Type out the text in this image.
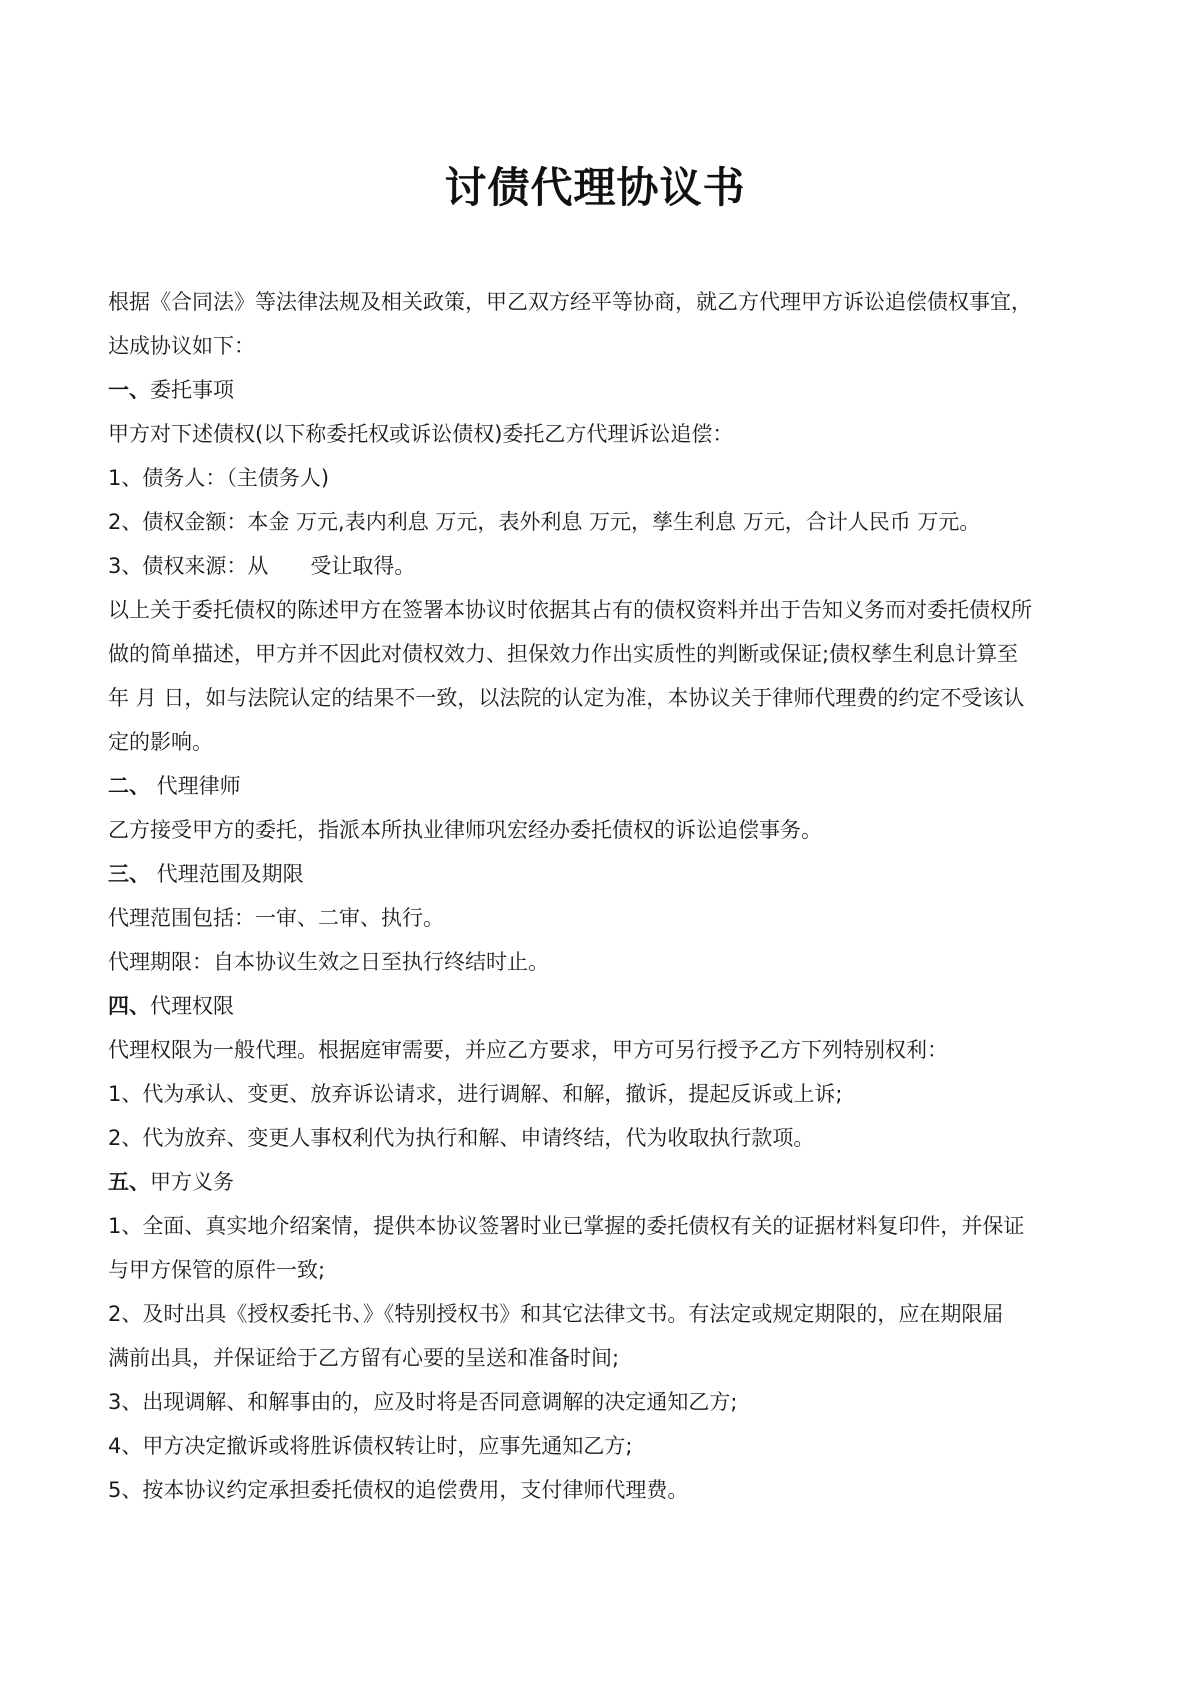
讨债代理协议书

根据《合同法》等法律法规及相关政策，甲乙双方经平等协商，就乙方代理甲方诉讼追偿债权事宜，

达成协议如下：

一、委托事项

甲方对下述债权(以下称委托权或诉讼债权)委托乙方代理诉讼追偿：

1、债务人：（主债务人)

2、债权金额：本金 万元,表内利息 万元，表外利息 万元，孳生利息 万元，合计人民币 万元。

3、债权来源：从　　受让取得。

以上关于委托债权的陈述甲方在签署本协议时依据其占有的债权资料并出于告知义务而对委托债权所

做的简单描述，甲方并不因此对债权效力、担保效力作出实质性的判断或保证;债权孳生利息计算至

年 月 日，如与法院认定的结果不一致，以法院的认定为准，本协议关于律师代理费的约定不受该认

定的影响。

二、 代理律师

乙方接受甲方的委托，指派本所执业律师巩宏经办委托债权的诉讼追偿事务。

三、 代理范围及期限

代理范围包括：一审、二审、执行。

代理期限：自本协议生效之日至执行终结时止。

四、代理权限

代理权限为一般代理。根据庭审需要，并应乙方要求，甲方可另行授予乙方下列特别权利：

1、代为承认、变更、放弃诉讼请求，进行调解、和解，撤诉，提起反诉或上诉;

2、代为放弃、变更人事权利代为执行和解、申请终结，代为收取执行款项。

五、甲方义务

1、全面、真实地介绍案情，提供本协议签署时业已掌握的委托债权有关的证据材料复印件，并保证

与甲方保管的原件一致;

2、及时出具《授权委托书、》《特别授权书》和其它法律文书。有法定或规定期限的，应在期限届

满前出具，并保证给于乙方留有心要的呈送和准备时间;

3、出现调解、和解事由的，应及时将是否同意调解的决定通知乙方;

4、甲方决定撤诉或将胜诉债权转让时，应事先通知乙方;

5、按本协议约定承担委托债权的追偿费用，支付律师代理费。
